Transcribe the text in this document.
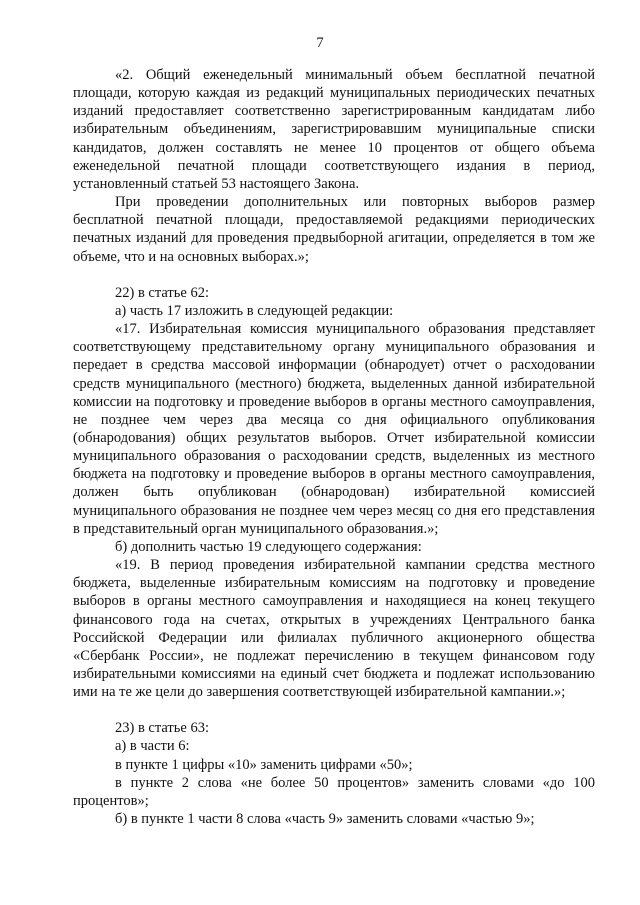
7

«2. Общий еженедельный минимальный объем бесплатной печатной площади, которую каждая из редакций муниципальных периодических печатных изданий предоставляет соответственно зарегистрированным кандидатам либо избирательным объединениям, зарегистрировавшим муниципальные списки кандидатов, должен составлять не менее 10 процентов от общего объема еженедельной печатной площади соответствующего издания в период, установленный статьей 53 настоящего Закона.

При проведении дополнительных или повторных выборов размер бесплатной печатной площади, предоставляемой редакциями периодических печатных изданий для проведения предвыборной агитации, определяется в том же объеме, что и на основных выборах.»;

22) в статье 62:

а) часть 17 изложить в следующей редакции:

«17. Избирательная комиссия муниципального образования представляет соответствующему представительному органу муниципального образования и передает в средства массовой информации (обнародует) отчет о расходовании средств муниципального (местного) бюджета, выделенных данной избирательной комиссии на подготовку и проведение выборов в органы местного самоуправления, не позднее чем через два месяца со дня официального опубликования (обнародования) общих результатов выборов. Отчет избирательной комиссии муниципального образования о расходовании средств, выделенных из местного бюджета на подготовку и проведение выборов в органы местного самоуправления, должен быть опубликован (обнародован) избирательной комиссией муниципального образования не позднее чем через месяц со дня его представления в представительный орган муниципального образования.»;

б) дополнить частью 19 следующего содержания:

«19. В период проведения избирательной кампании средства местного бюджета, выделенные избирательным комиссиям на подготовку и проведение выборов в органы местного самоуправления и находящиеся на конец текущего финансового года на счетах, открытых в учреждениях Центрального банка Российской Федерации или филиалах публичного акционерного общества «Сбербанк России», не подлежат перечислению в текущем финансовом году избирательными комиссиями на единый счет бюджета и подлежат использованию ими на те же цели до завершения соответствующей избирательной кампании.»;

23) в статье 63:

а) в части 6:

в пункте 1 цифры «10» заменить цифрами «50»;

в пункте 2 слова «не более 50 процентов» заменить словами «до 100 процентов»;

б) в пункте 1 части 8 слова «часть 9» заменить словами «частью 9»;
